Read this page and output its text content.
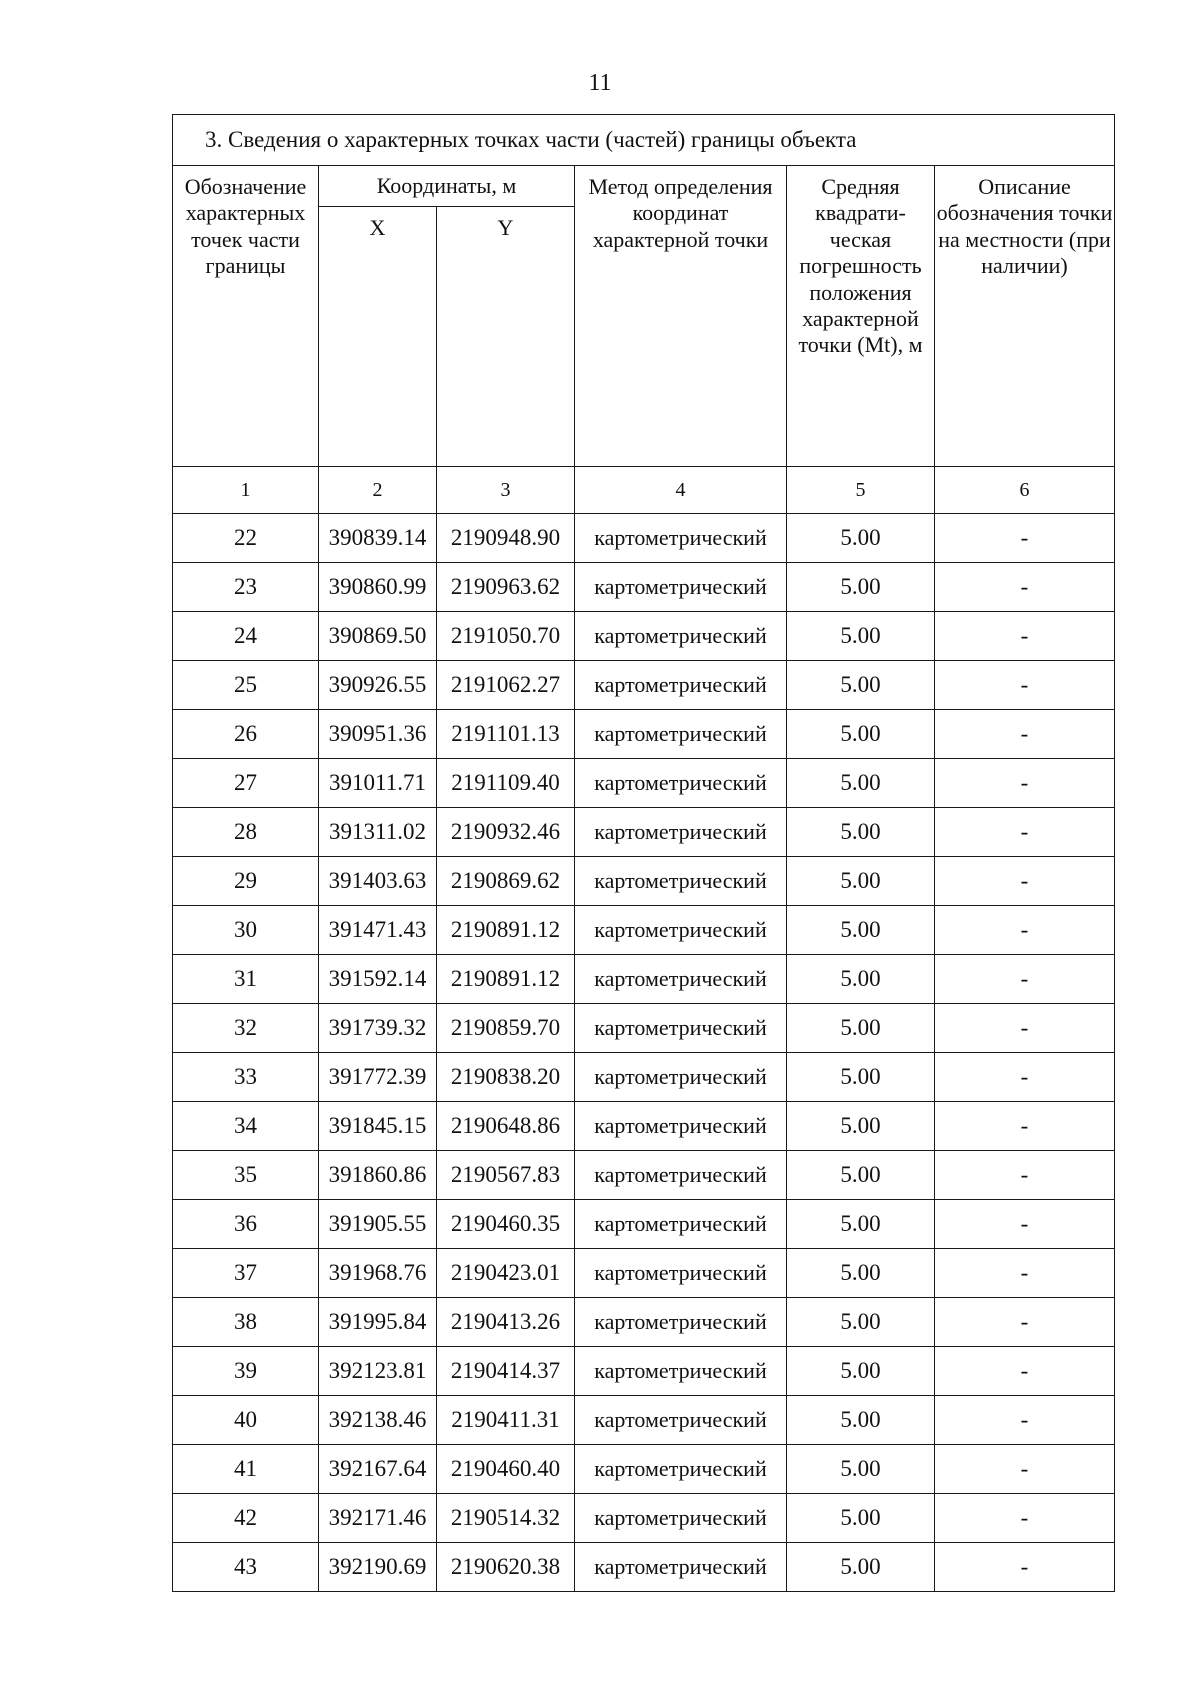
11
3. Сведения о характерных точках части (частей) границы объекта					
Обозначение характерных точек части границы	Координаты, м		Метод определения координат характерной точки	Средняя квадрати-ческая погрешность положения характерной точки (Mt), м	Описание обозначения точки на местности (при наличии)
	X	Y			
1	2	3	4	5	6
22	390839.14	2190948.90	картометрический	5.00	-
23	390860.99	2190963.62	картометрический	5.00	-
24	390869.50	2191050.70	картометрический	5.00	-
25	390926.55	2191062.27	картометрический	5.00	-
26	390951.36	2191101.13	картометрический	5.00	-
27	391011.71	2191109.40	картометрический	5.00	-
28	391311.02	2190932.46	картометрический	5.00	-
29	391403.63	2190869.62	картометрический	5.00	-
30	391471.43	2190891.12	картометрический	5.00	-
31	391592.14	2190891.12	картометрический	5.00	-
32	391739.32	2190859.70	картометрический	5.00	-
33	391772.39	2190838.20	картометрический	5.00	-
34	391845.15	2190648.86	картометрический	5.00	-
35	391860.86	2190567.83	картометрический	5.00	-
36	391905.55	2190460.35	картометрический	5.00	-
37	391968.76	2190423.01	картометрический	5.00	-
38	391995.84	2190413.26	картометрический	5.00	-
39	392123.81	2190414.37	картометрический	5.00	-
40	392138.46	2190411.31	картометрический	5.00	-
41	392167.64	2190460.40	картометрический	5.00	-
42	392171.46	2190514.32	картометрический	5.00	-
43	392190.69	2190620.38	картометрический	5.00	-
